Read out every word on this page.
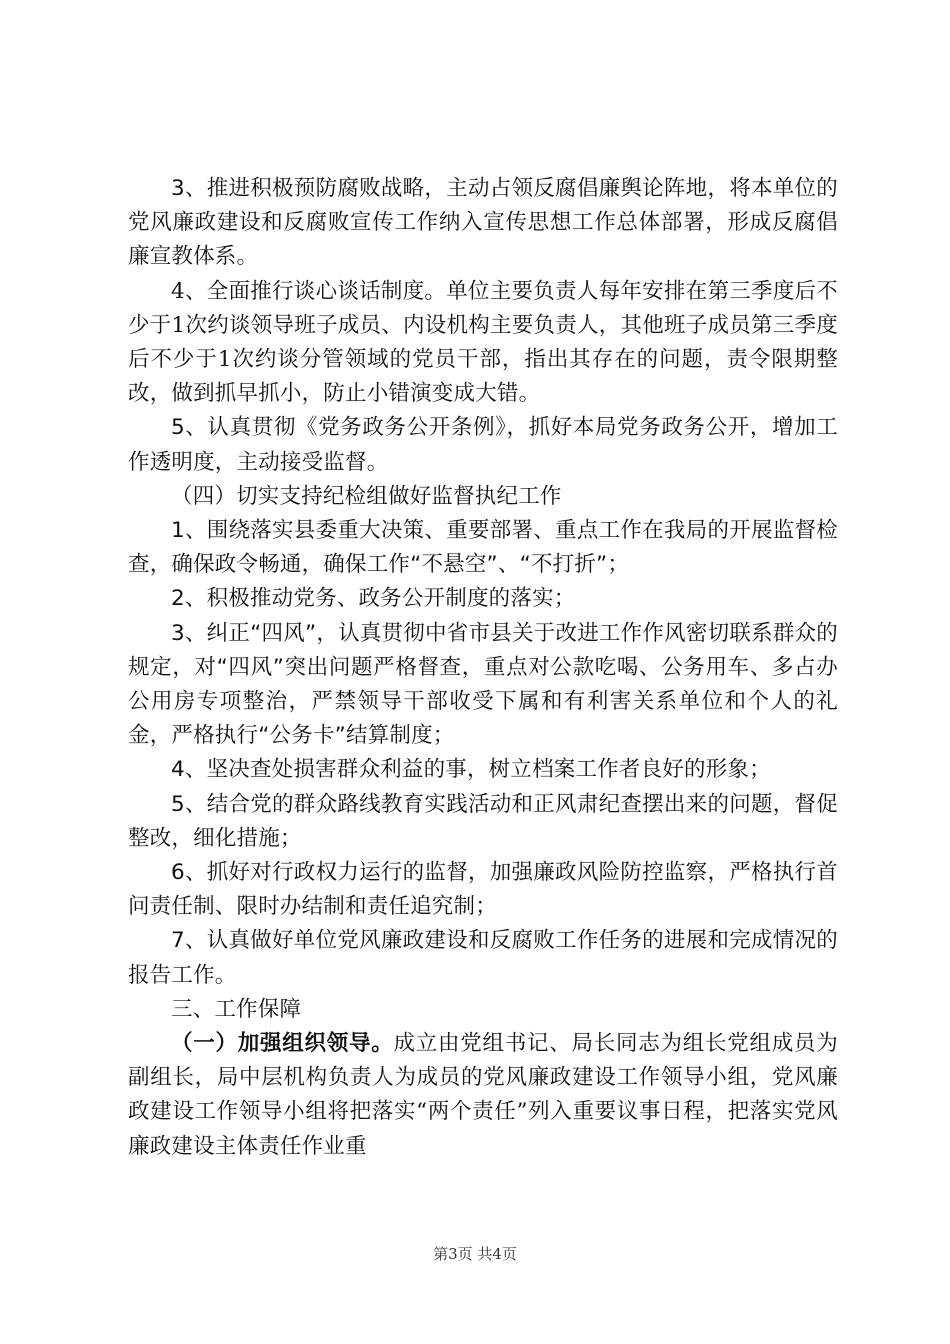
3、推进积极预防腐败战略，主动占领反腐倡廉舆论阵地，将本单位的党风廉政建设和反腐败宣传工作纳入宣传思想工作总体部署，形成反腐倡廉宣教体系。

4、全面推行谈心谈话制度。单位主要负责人每年安排在第三季度后不少于1次约谈领导班子成员、内设机构主要负责人，其他班子成员第三季度后不少于1次约谈分管领域的党员干部，指出其存在的问题，责令限期整改，做到抓早抓小，防止小错演变成大错。

5、认真贯彻《党务政务公开条例》，抓好本局党务政务公开，增加工作透明度，主动接受监督。

（四）切实支持纪检组做好监督执纪工作

1、围绕落实县委重大决策、重要部署、重点工作在我局的开展监督检查，确保政令畅通，确保工作“不悬空”、“不打折”；

2、积极推动党务、政务公开制度的落实；

3、纠正“四风”，认真贯彻中省市县关于改进工作作风密切联系群众的规定，对“四风”突出问题严格督查，重点对公款吃喝、公务用车、多占办公用房专项整治，严禁领导干部收受下属和有利害关系单位和个人的礼金，严格执行“公务卡”结算制度；

4、坚决查处损害群众利益的事，树立档案工作者良好的形象；

5、结合党的群众路线教育实践活动和正风肃纪查摆出来的问题，督促整改，细化措施；

6、抓好对行政权力运行的监督，加强廉政风险防控监察，严格执行首问责任制、限时办结制和责任追究制；

7、认真做好单位党风廉政建设和反腐败工作任务的进展和完成情况的报告工作。

三、工作保障

（一）加强组织领导。成立由党组书记、局长同志为组长党组成员为副组长，局中层机构负责人为成员的党风廉政建设工作领导小组，党风廉政建设工作领导小组将把落实“两个责任”列入重要议事日程，把落实党风廉政建设主体责任作业重

第3页 共4页
